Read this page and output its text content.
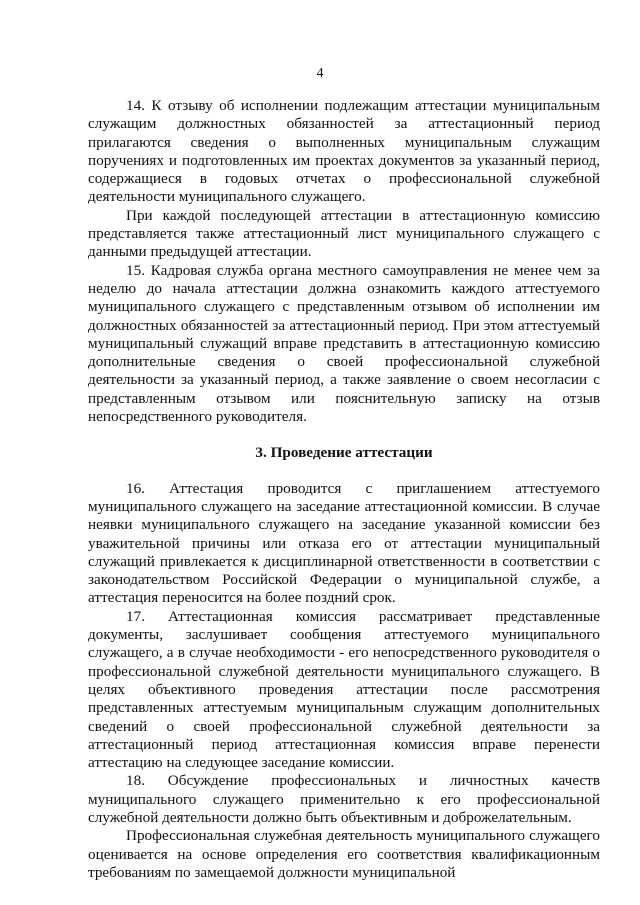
4

14. К отзыву об исполнении подлежащим аттестации муниципальным служащим должностных обязанностей за аттестационный период прилагаются сведения о выполненных муниципальным служащим поручениях и подготовленных им проектах документов за указанный период, содержащиеся в годовых отчетах о профессиональной служебной деятельности муниципального служащего.

При каждой последующей аттестации в аттестационную комиссию представляется также аттестационный лист муниципального служащего с данными предыдущей аттестации.

15. Кадровая служба органа местного самоуправления не менее чем за неделю до начала аттестации должна ознакомить каждого аттестуемого муниципального служащего с представленным отзывом об исполнении им должностных обязанностей за аттестационный период. При этом аттестуемый муниципальный служащий вправе представить в аттестационную комиссию дополнительные сведения о своей профессиональной служебной деятельности за указанный период, а также заявление о своем несогласии с представленным отзывом или пояснительную записку на отзыв непосредственного руководителя.

3. Проведение аттестации

16. Аттестация проводится с приглашением аттестуемого муниципального служащего на заседание аттестационной комиссии. В случае неявки муниципального служащего на заседание указанной комиссии без уважительной причины или отказа его от аттестации муниципальный служащий привлекается к дисциплинарной ответственности в соответствии с законодательством Российской Федерации о муниципальной службе, а аттестация переносится на более поздний срок.

17. Аттестационная комиссия рассматривает представленные документы, заслушивает сообщения аттестуемого муниципального служащего, а в случае необходимости - его непосредственного руководителя о профессиональной служебной деятельности муниципального служащего. В целях объективного проведения аттестации после рассмотрения представленных аттестуемым муниципальным служащим дополнительных сведений о своей профессиональной служебной деятельности за аттестационный период аттестационная комиссия вправе перенести аттестацию на следующее заседание комиссии.

18. Обсуждение профессиональных и личностных качеств муниципального служащего применительно к его профессиональной служебной деятельности должно быть объективным и доброжелательным.

Профессиональная служебная деятельность муниципального служащего оценивается на основе определения его соответствия квалификационным требованиям по замещаемой должности муниципальной
